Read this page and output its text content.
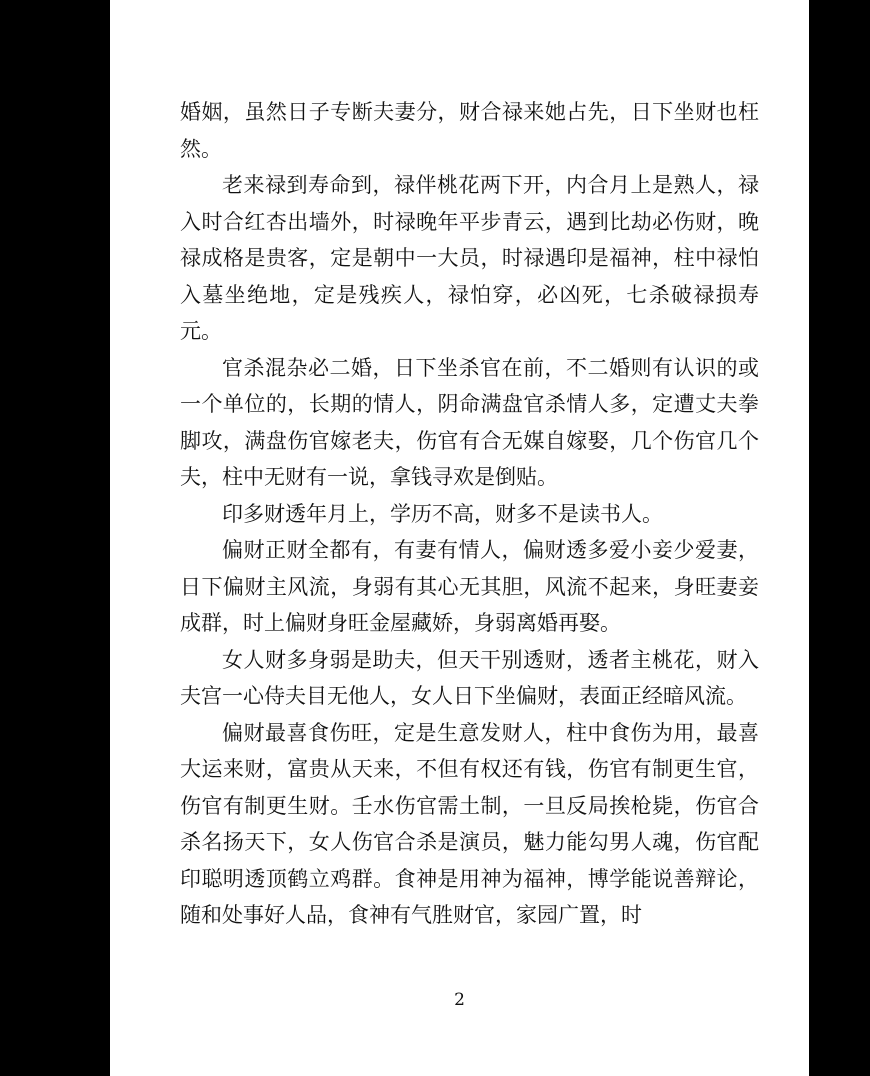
婚姻，虽然日子专断夫妻分，财合禄来她占先，日下坐财也枉然。

老来禄到寿命到，禄伴桃花两下开，内合月上是熟人，禄入时合红杏出墙外，时禄晚年平步青云，遇到比劫必伤财，晚禄成格是贵客，定是朝中一大员，时禄遇印是福神，柱中禄怕入墓坐绝地，定是残疾人，禄怕穿，必凶死，七杀破禄损寿元。

官杀混杂必二婚，日下坐杀官在前，不二婚则有认识的或一个单位的，长期的情人，阴命满盘官杀情人多，定遭丈夫拳脚攻，满盘伤官嫁老夫，伤官有合无媒自嫁娶，几个伤官几个夫，柱中无财有一说，拿钱寻欢是倒贴。

印多财透年月上，学历不高，财多不是读书人。

偏财正财全都有，有妻有情人，偏财透多爱小妾少爱妻，日下偏财主风流，身弱有其心无其胆，风流不起来，身旺妻妾成群，时上偏财身旺金屋藏娇，身弱离婚再娶。

女人财多身弱是助夫，但天干别透财，透者主桃花，财入夫宫一心侍夫目无他人，女人日下坐偏财，表面正经暗风流。

偏财最喜食伤旺，定是生意发财人，柱中食伤为用，最喜大运来财，富贵从天来，不但有权还有钱，伤官有制更生官，伤官有制更生财。壬水伤官需土制，一旦反局挨枪毙，伤官合杀名扬天下，女人伤官合杀是演员，魅力能勾男人魂，伤官配印聪明透顶鹤立鸡群。食神是用神为福神，博学能说善辩论，随和处事好人品，食神有气胜财官，家园广置，时

2
